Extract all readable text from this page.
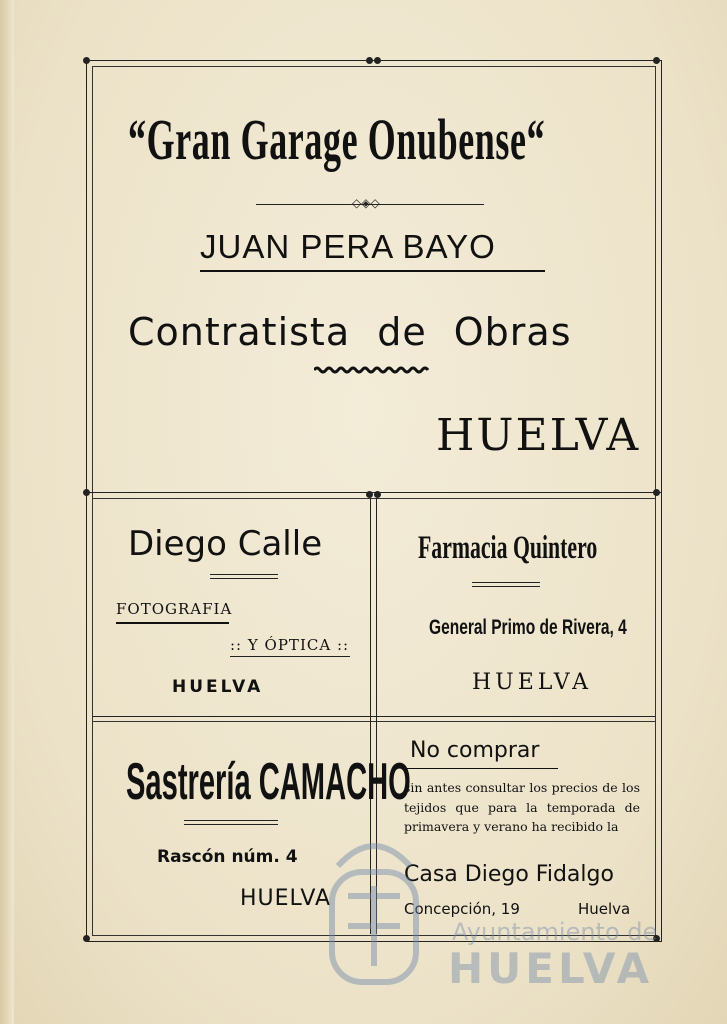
“Gran Garage Onubense“
◇◈◇
JUAN PERA BAYO
Contratista de Obras
HUELVA
Diego Calle
FOTOGRAFIA
:: Y ÓPTICA ::
HUELVA
Farmacia Quintero
General Primo de Rivera, 4
HUELVA
Sastrería CAMACHO
Rascón núm. 4
HUELVA
No comprar
sin antes consultar los precios de los tejidos que para la temporada de primavera y verano ha recibido la
Casa Diego Fidalgo
Concepción, 19	Huelva
Ayuntamiento de
HUELVA
